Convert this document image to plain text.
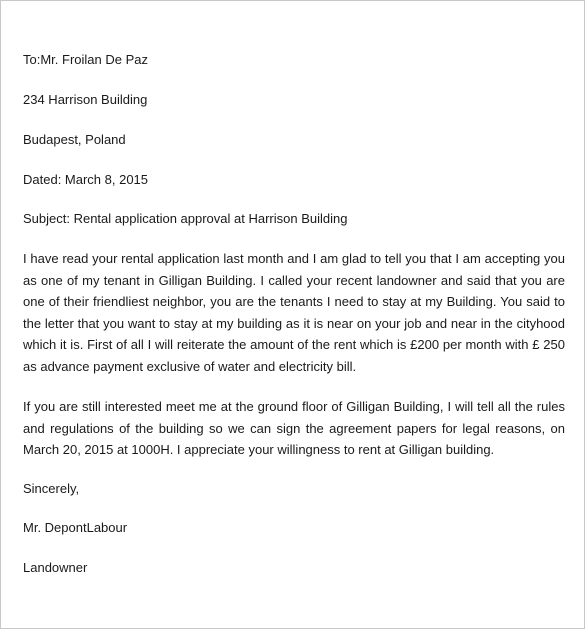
To:Mr. Froilan De Paz

234 Harrison Building

Budapest, Poland

Dated: March 8, 2015

Subject: Rental application approval at Harrison Building

I have read your rental application last month and I am glad to tell you that I am accepting you as one of my tenant in Gilligan Building. I called your recent landowner and said that you are one of their friendliest neighbor, you are the tenants I need to stay at my Building. You said to the letter that you want to stay at my building as it is near on your job and near in the cityhood which it is. First of all I will reiterate the amount of the rent which is £200 per month with £ 250 as advance payment exclusive of water and electricity bill.

If you are still interested meet me at the ground floor of Gilligan Building, I will tell all the rules and regulations of the building so we can sign the agreement papers for legal reasons, on March 20, 2015 at 1000H. I appreciate your willingness to rent at Gilligan building.

Sincerely,

Mr. DepontLabour

Landowner
